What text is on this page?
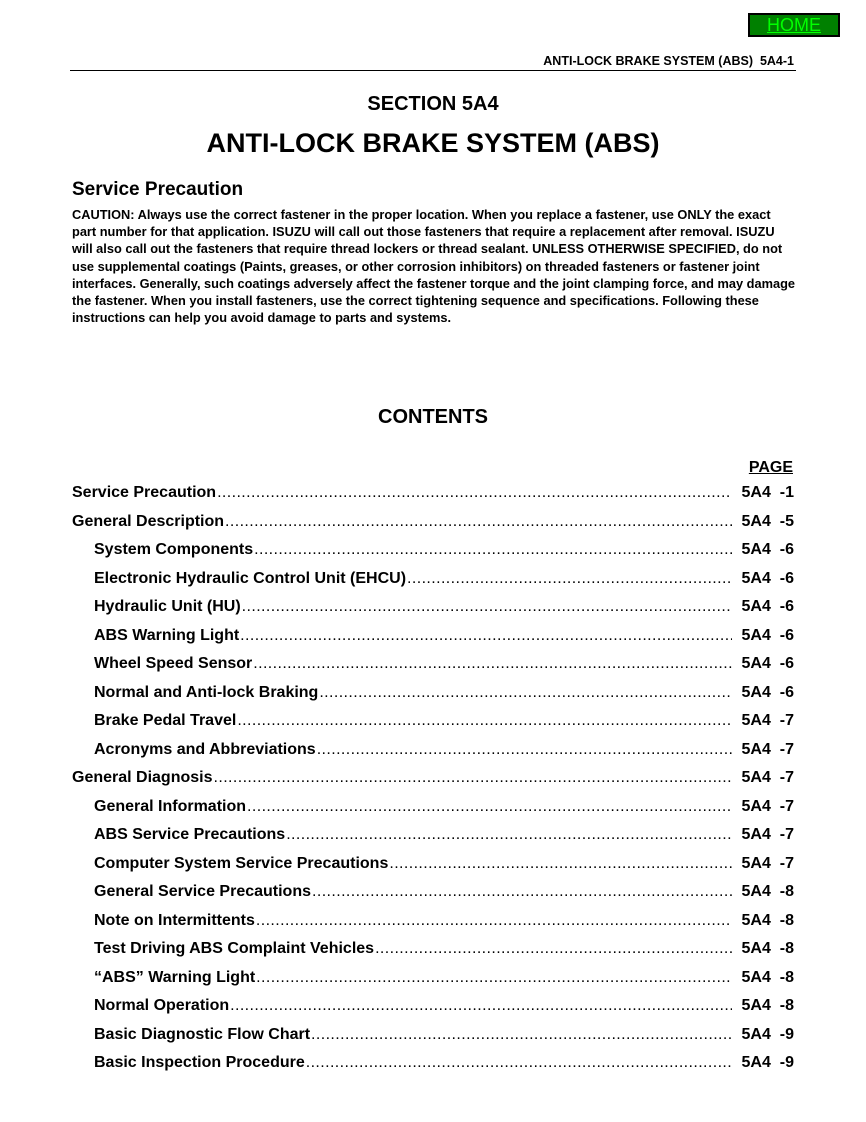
HOME
ANTI-LOCK BRAKE SYSTEM (ABS)  5A4-1
SECTION 5A4
ANTI-LOCK BRAKE SYSTEM (ABS)
Service Precaution

CAUTION: Always use the correct fastener in the proper location. When you replace a fastener, use ONLY the exact part number for that application. ISUZU will call out those fasteners that require a replacement after removal. ISUZU will also call out the fasteners that require thread lockers or thread sealant. UNLESS OTHERWISE SPECIFIED, do not use supplemental coatings (Paints, greases, or other corrosion inhibitors) on threaded fasteners or fastener joint interfaces. Generally, such coatings adversely affect the fastener torque and the joint clamping force, and may damage the fastener. When you install fasteners, use the correct tightening sequence and specifications. Following these instructions can help you avoid damage to parts and systems.

CONTENTS
PAGE
Service Precaution .....	5A4  -1
General Description .....	5A4  -5
System Components .....	5A4  -6
Electronic Hydraulic Control Unit (EHCU) .....	5A4  -6
Hydraulic Unit (HU) .....	5A4  -6
ABS Warning Light .....	5A4  -6
Wheel Speed Sensor .....	5A4  -6
Normal and Anti-lock Braking .....	5A4  -6
Brake Pedal Travel .....	5A4  -7
Acronyms and Abbreviations .....	5A4  -7
General Diagnosis .....	5A4  -7
General Information .....	5A4  -7
ABS Service Precautions .....	5A4  -7
Computer System Service Precautions .....	5A4  -7
General Service Precautions .....	5A4  -8
Note on Intermittents .....	5A4  -8
Test Driving ABS Complaint Vehicles .....	5A4  -8
“ABS” Warning Light .....	5A4  -8
Normal Operation .....	5A4  -8
Basic Diagnostic Flow Chart .....	5A4  -9
Basic Inspection Procedure .....	5A4  -9
